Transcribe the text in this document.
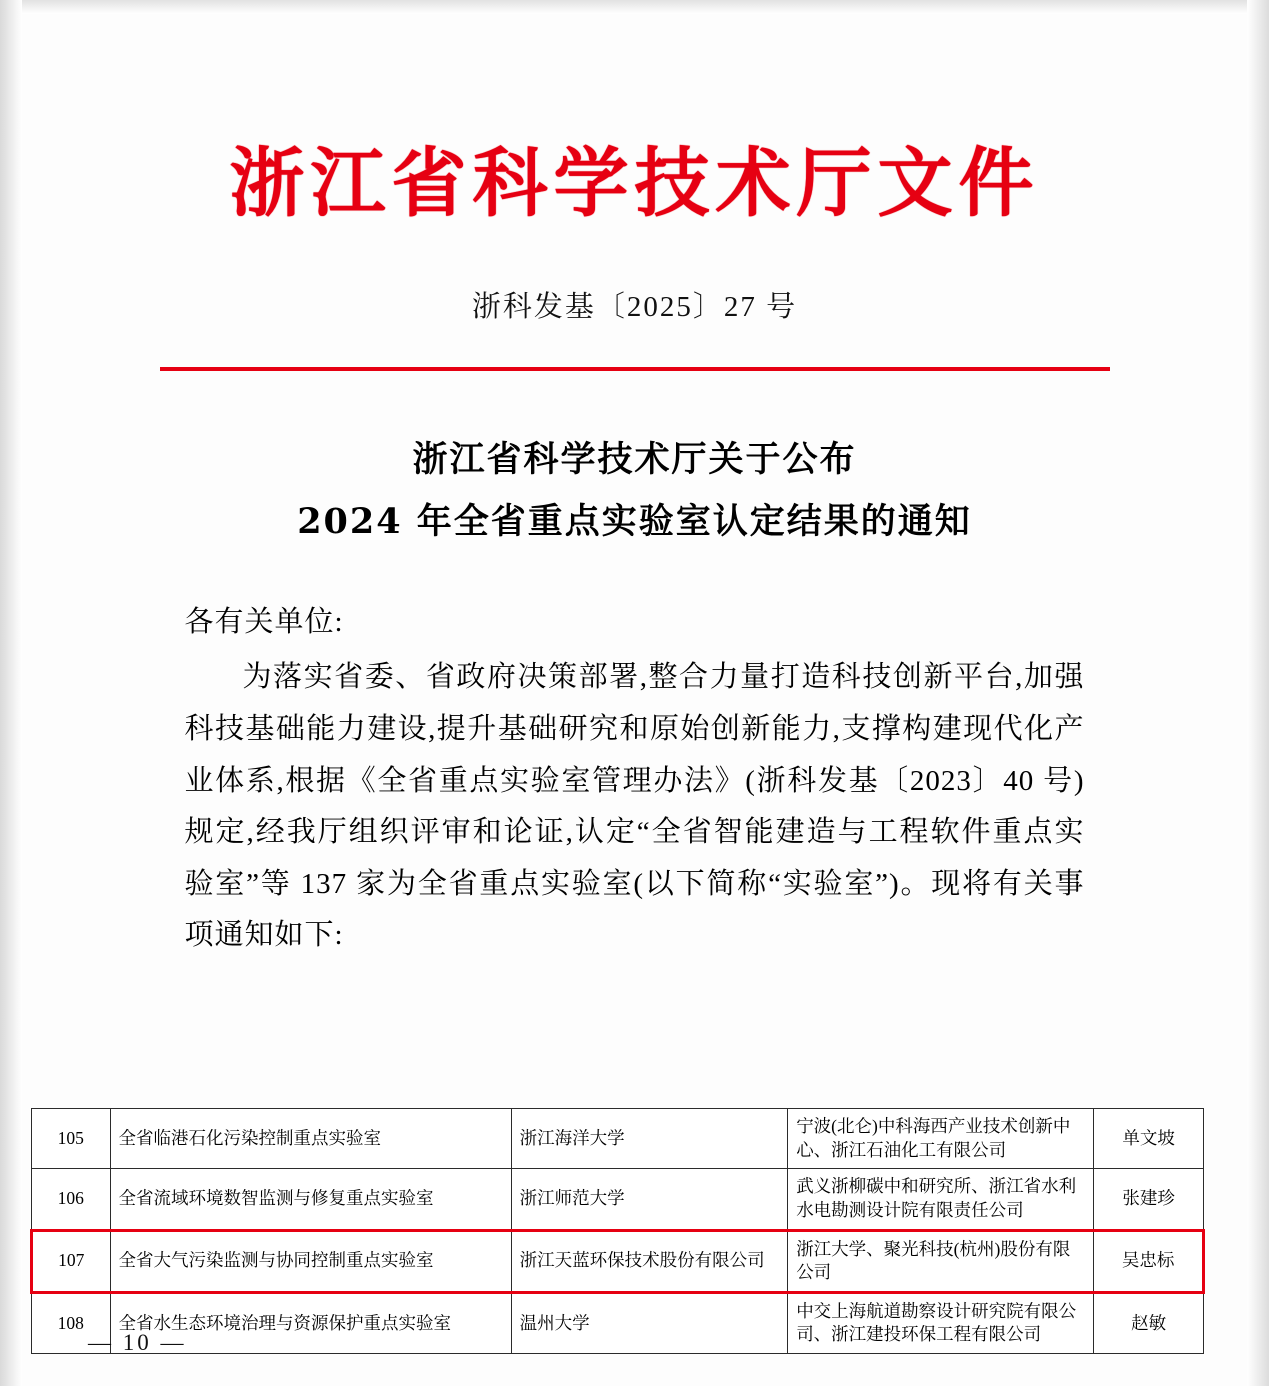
浙江省科学技术厅文件
浙科发基〔2025〕27 号
浙江省科学技术厅关于公布
2024 年全省重点实验室认定结果的通知
各有关单位:
为落实省委、省政府决策部署,整合力量打造科技创新平台,加强科技基础能力建设,提升基础研究和原始创新能力,支撑构建现代化产业体系,根据《全省重点实验室管理办法》(浙科发基〔2023〕40 号)规定,经我厅组织评审和论证,认定“全省智能建造与工程软件重点实验室”等 137 家为全省重点实验室(以下简称“实验室”)。现将有关事项通知如下:
105	全省临港石化污染控制重点实验室	浙江海洋大学	宁波(北仑)中科海西产业技术创新中心、浙江石油化工有限公司	单文坡
106	全省流域环境数智监测与修复重点实验室	浙江师范大学	武义浙柳碳中和研究所、浙江省水利水电勘测设计院有限责任公司	张建珍
107	全省大气污染监测与协同控制重点实验室	浙江天蓝环保技术股份有限公司	浙江大学、聚光科技(杭州)股份有限公司	吴忠标
108	全省水生态环境治理与资源保护重点实验室	温州大学	中交上海航道勘察设计研究院有限公司、浙江建投环保工程有限公司	赵敏
— 10 —
